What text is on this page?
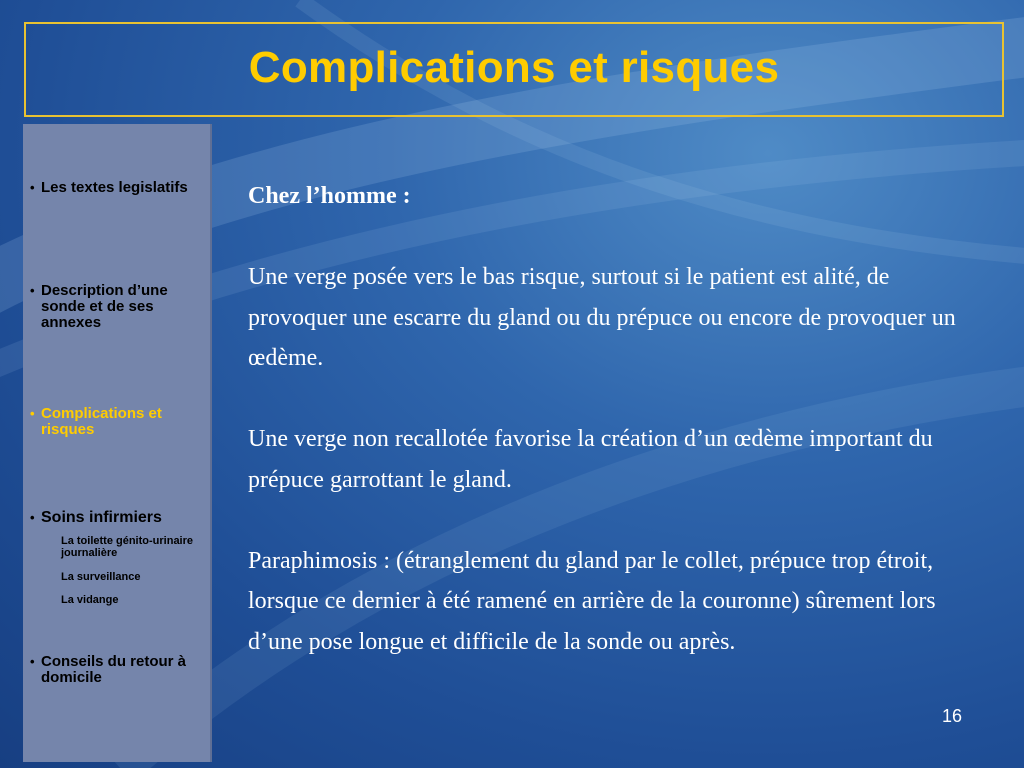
Complications et risques
• Les textes legislatifs
• Description d’une sonde et de ses annexes
• Complications et risques
• Soins infirmiers
La toilette génito-urinaire journalière
La surveillance
La vidange
• Conseils du retour à domicile

Chez l’homme :

Une verge posée vers le bas risque, surtout si le patient est alité, de provoquer une escarre du gland ou du prépuce ou encore de provoquer un œdème.

Une verge non recallotée favorise la création d’un œdème important du prépuce garrottant le gland.

Paraphimosis : (étranglement du gland par le collet, prépuce trop étroit, lorsque ce dernier à été ramené en arrière de la couronne) sûrement lors d’une pose longue et difficile de la sonde ou après.

16
